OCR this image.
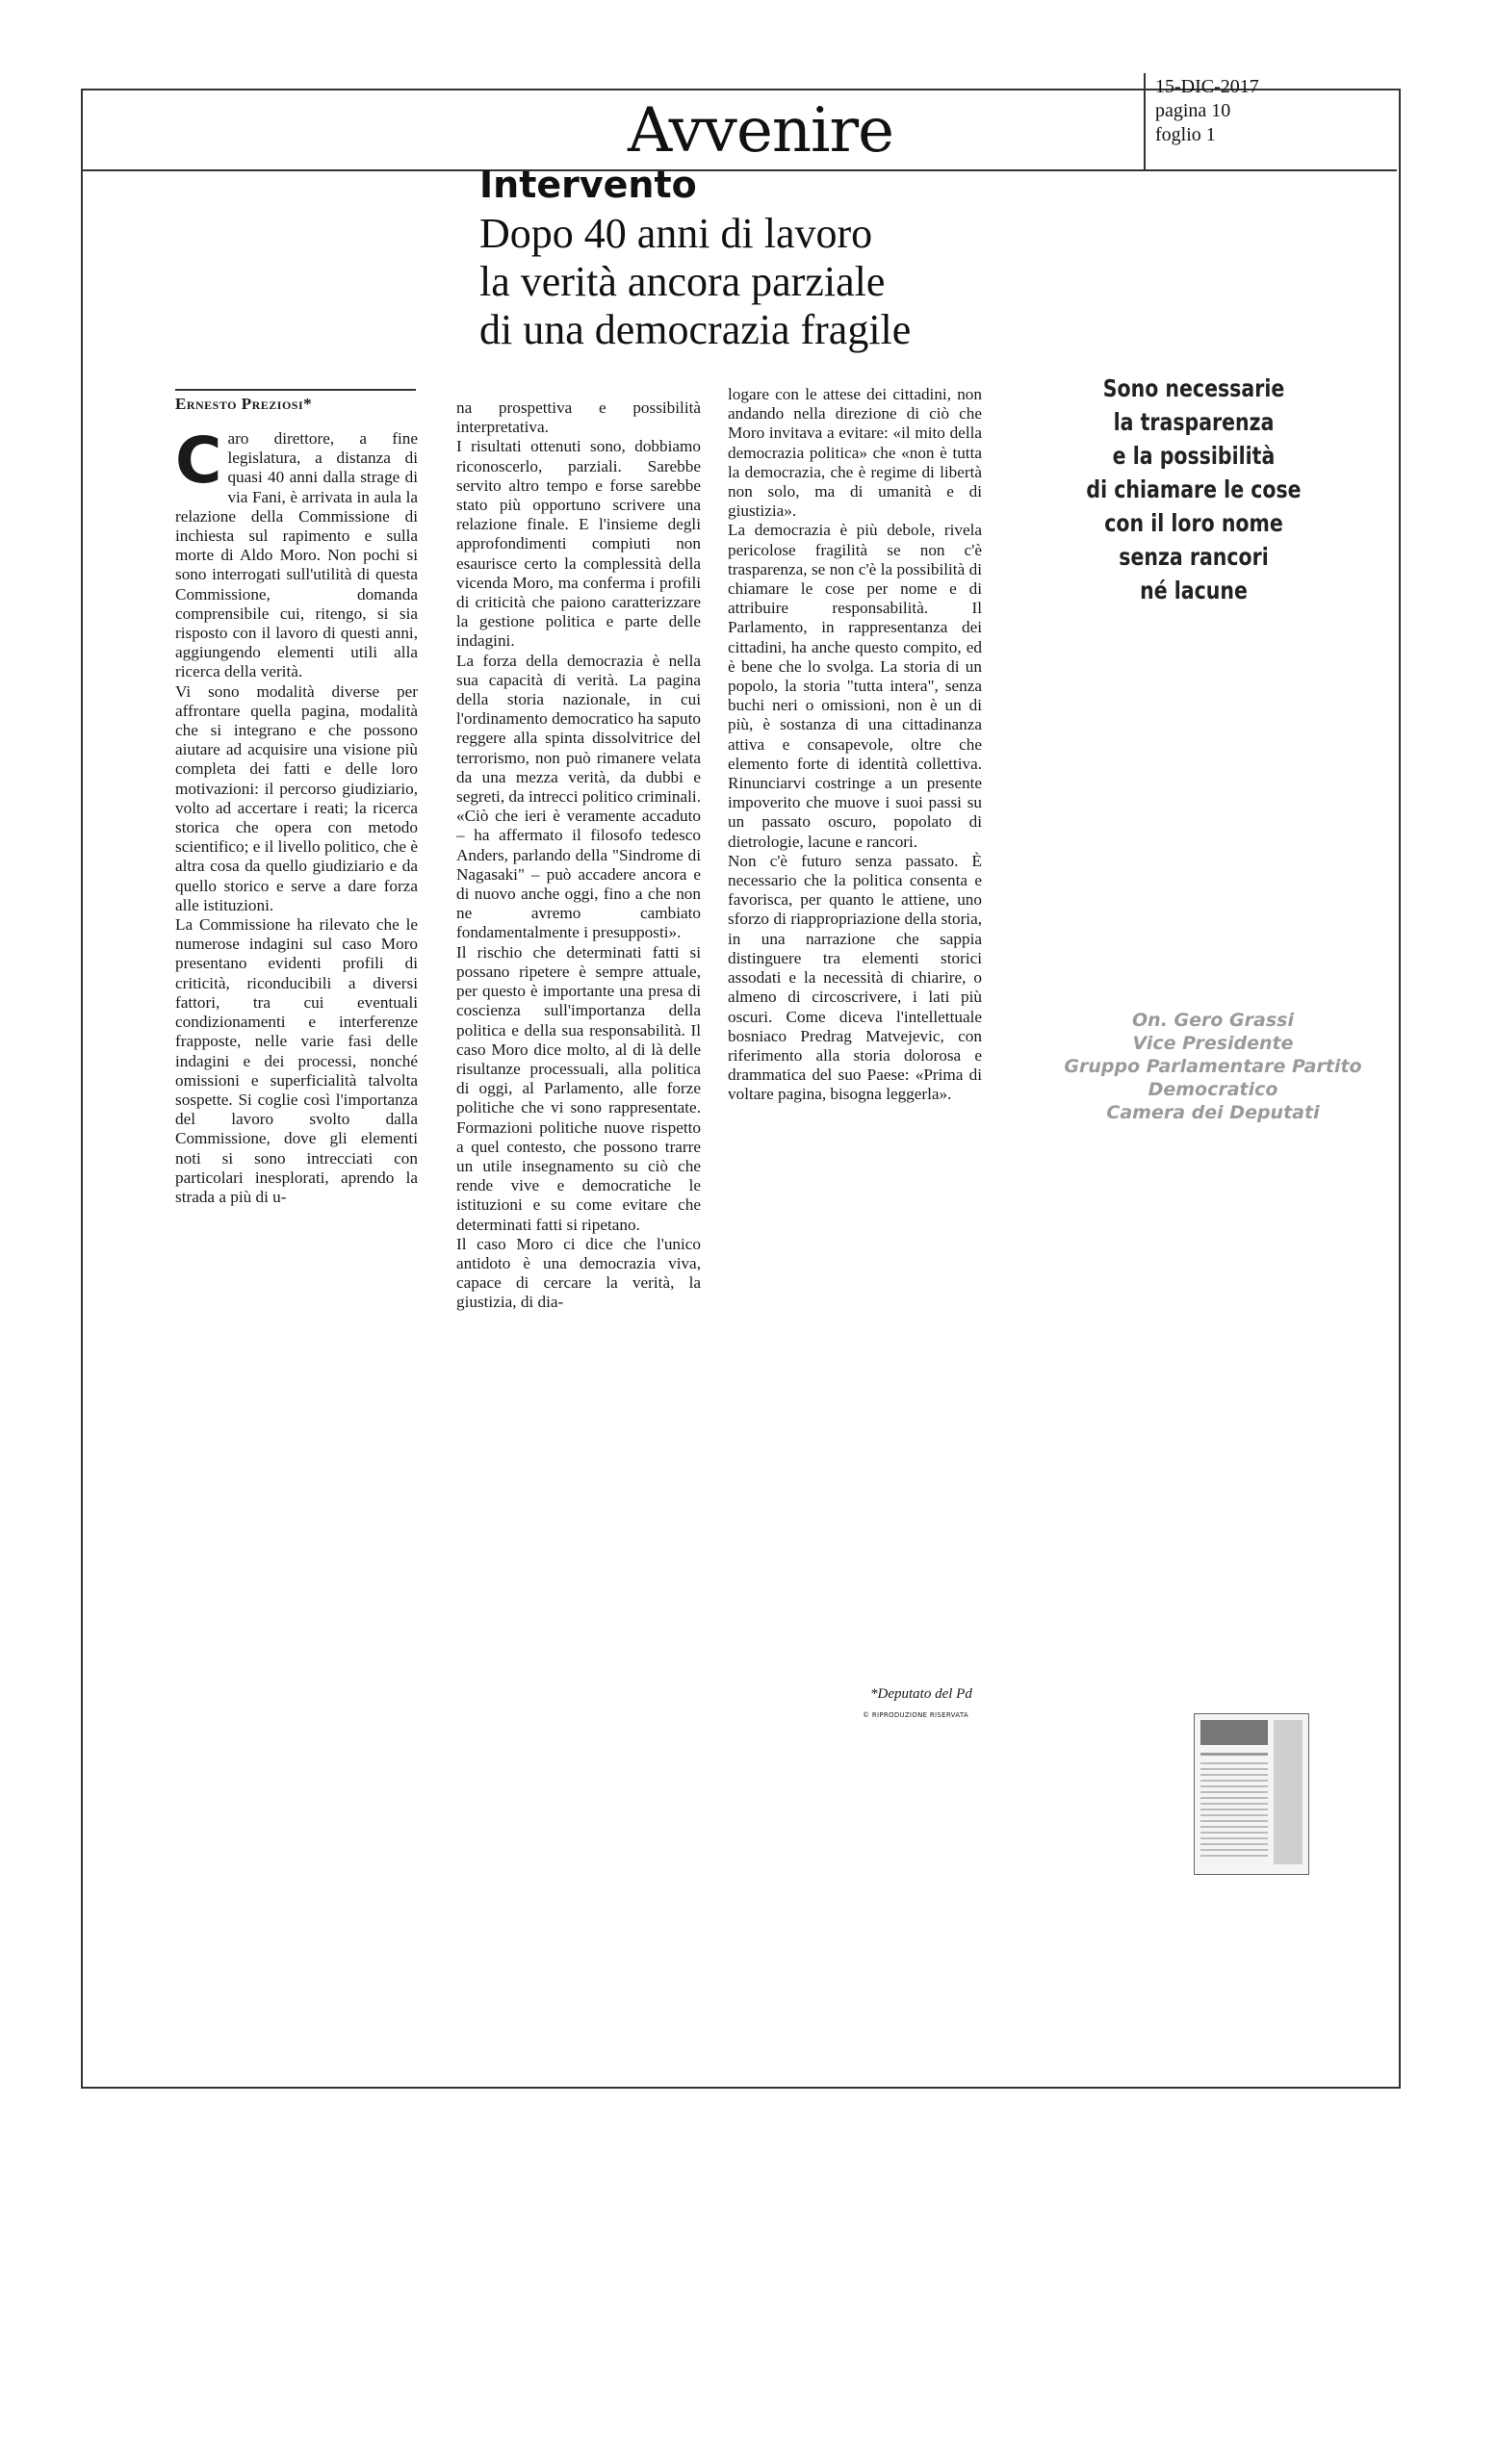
Avvenire
15-DIC-2017
pagina 10
foglio 1
Intervento
Dopo 40 anni di lavoro
la verità ancora parziale
di una democrazia fragile
Ernesto Preziosi*
C aro direttore, a fine legislatura, a distanza di quasi 40 anni dalla strage di via Fani, è arrivata in aula la relazione della Commissione di inchiesta sul rapimento e sulla morte di Aldo Moro. Non pochi si sono interrogati sull'utilità di questa Commissione, domanda comprensibile cui, ritengo, si sia risposto con il lavoro di questi anni, aggiungendo elementi utili alla ricerca della verità.

Vi sono modalità diverse per affrontare quella pagina, modalità che si integrano e che possono aiutare ad acquisire una visione più completa dei fatti e delle loro motivazioni: il percorso giudiziario, volto ad accertare i reati; la ricerca storica che opera con metodo scientifico; e il livello politico, che è altra cosa da quello giudiziario e da quello storico e serve a dare forza alle istituzioni.

La Commissione ha rilevato che le numerose indagini sul caso Moro presentano evidenti profili di criticità, riconducibili a diversi fattori, tra cui eventuali condizionamenti e interferenze frapposte, nelle varie fasi delle indagini e dei processi, nonché omissioni e superficialità talvolta sospette. Si coglie così l'importanza del lavoro svolto dalla Commissione, dove gli elementi noti si sono intrecciati con particolari inesplorati, aprendo la strada a più di u-

na prospettiva e possibilità interpretativa.

I risultati ottenuti sono, dobbiamo riconoscerlo, parziali. Sarebbe servito altro tempo e forse sarebbe stato più opportuno scrivere una relazione finale. E l'insieme degli approfondimenti compiuti non esaurisce certo la complessità della vicenda Moro, ma conferma i profili di criticità che paiono caratterizzare la gestione politica e parte delle indagini.

La forza della democrazia è nella sua capacità di verità. La pagina della storia nazionale, in cui l'ordinamento democratico ha saputo reggere alla spinta dissolvitrice del terrorismo, non può rimanere velata da una mezza verità, da dubbi e segreti, da intrecci politico criminali. «Ciò che ieri è veramente accaduto – ha affermato il filosofo tedesco Anders, parlando della "Sindrome di Nagasaki" – può accadere ancora e di nuovo anche oggi, fino a che non ne avremo cambiato fondamentalmente i presupposti».

Il rischio che determinati fatti si possano ripetere è sempre attuale, per questo è importante una presa di coscienza sull'importanza della politica e della sua responsabilità. Il caso Moro dice molto, al di là delle risultanze processuali, alla politica di oggi, al Parlamento, alle forze politiche che vi sono rappresentate. Formazioni politiche nuove rispetto a quel contesto, che possono trarre un utile insegnamento su ciò che rende vive e democratiche le istituzioni e su come evitare che determinati fatti si ripetano.

Il caso Moro ci dice che l'unico antidoto è una democrazia viva, capace di cercare la verità, la giustizia, di dia-

logare con le attese dei cittadini, non andando nella direzione di ciò che Moro invitava a evitare: «il mito della democrazia politica» che «non è tutta la democrazia, che è regime di libertà non solo, ma di umanità e di giustizia».

La democrazia è più debole, rivela pericolose fragilità se non c'è trasparenza, se non c'è la possibilità di chiamare le cose per nome e di attribuire responsabilità. Il Parlamento, in rappresentanza dei cittadini, ha anche questo compito, ed è bene che lo svolga. La storia di un popolo, la storia "tutta intera", senza buchi neri o omissioni, non è un di più, è sostanza di una cittadinanza attiva e consapevole, oltre che elemento forte di identità collettiva. Rinunciarvi costringe a un presente impoverito che muove i suoi passi su un passato oscuro, popolato di dietrologie, lacune e rancori.

Non c'è futuro senza passato. È necessario che la politica consenta e favorisca, per quanto le attiene, uno sforzo di riappropriazione della storia, in una narrazione che sappia distinguere tra elementi storici assodati e la necessità di chiarire, o almeno di circoscrivere, i lati più oscuri. Come diceva l'intellettuale bosniaco Predrag Matvejevic, con riferimento alla storia dolorosa e drammatica del suo Paese: «Prima di voltare pagina, bisogna leggerla».

*Deputato del Pd
© RIPRODUZIONE RISERVATA
Sono necessarie
la trasparenza
e la possibilità
di chiamare le cose
con il loro nome
senza rancori
né lacune
On. Gero Grassi
Vice Presidente
Gruppo Parlamentare Partito Democratico
Camera dei Deputati
